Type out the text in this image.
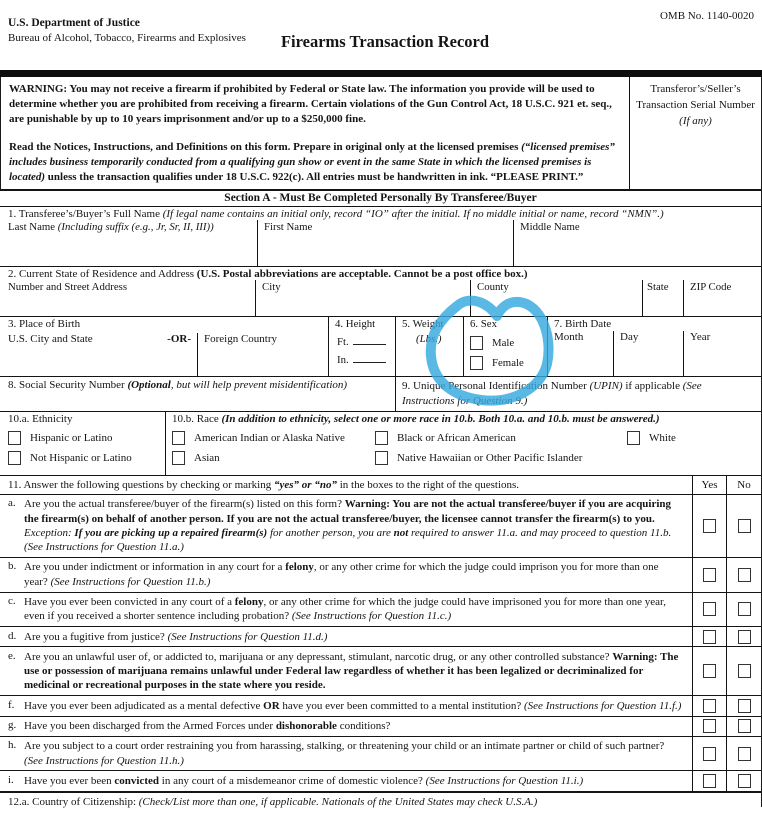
U.S. Department of Justice
Bureau of Alcohol, Tobacco, Firearms and Explosives
OMB No. 1140-0020
Firearms Transaction Record

WARNING: You may not receive a firearm if prohibited by Federal or State law. The information you provide will be used to determine whether you are prohibited from receiving a firearm. Certain violations of the Gun Control Act, 18 U.S.C. 921 et. seq., are punishable by up to 10 years imprisonment and/or up to a $250,000 fine.

Read the Notices, Instructions, and Definitions on this form. Prepare in original only at the licensed premises (“licensed premises” includes business temporarily conducted from a qualifying gun show or event in the same State in which the licensed premises is located) unless the transaction qualifies under 18 U.S.C. 922(c). All entries must be handwritten in ink. “PLEASE PRINT.”

Transferor’s/Seller’s Transaction Serial Number (If any)
Section A - Must Be Completed Personally By Transferee/Buyer
1. Transferee’s/Buyer’s Full Name (If legal name contains an initial only, record “IO” after the initial. If no middle initial or name, record “NMN”.)
Last Name (Including suffix (e.g., Jr, Sr, II, III))	First Name	Middle Name
2. Current State of Residence and Address (U.S. Postal abbreviations are acceptable. Cannot be a post office box.)
Number and Street Address	City	County	State	ZIP Code
3. Place of Birth
U.S. City and State	-OR-	Foreign Country
4. Height
Ft.
In.
5. Weight
(Lbs.)
6. Sex
Male
Female
7. Birth Date
Month	Day	Year
8. Social Security Number (Optional, but will help prevent misidentification)	9. Unique Personal Identification Number (UPIN) if applicable (See Instructions for Question 9.)
10.a. Ethnicity
Hispanic or Latino
Not Hispanic or Latino
10.b. Race (In addition to ethnicity, select one or more race in 10.b. Both 10.a. and 10.b. must be answered.)
American Indian or Alaska Native	Black or African American	White
Asian	Native Hawaiian or Other Pacific Islander
11. Answer the following questions by checking or marking “yes” or “no” in the boxes to the right of the questions.	Yes	No
a. Are you the actual transferee/buyer of the firearm(s) listed on this form? Warning: You are not the actual transferee/buyer if you are acquiring the firearm(s) on behalf of another person. If you are not the actual transferee/buyer, the licensee cannot transfer the firearm(s) to you. Exception: If you are picking up a repaired firearm(s) for another person, you are not required to answer 11.a. and may proceed to question 11.b. (See Instructions for Question 11.a.)
b. Are you under indictment or information in any court for a felony, or any other crime for which the judge could imprison you for more than one year? (See Instructions for Question 11.b.)
c. Have you ever been convicted in any court of a felony, or any other crime for which the judge could have imprisoned you for more than one year, even if you received a shorter sentence including probation? (See Instructions for Question 11.c.)
d. Are you a fugitive from justice? (See Instructions for Question 11.d.)
e. Are you an unlawful user of, or addicted to, marijuana or any depressant, stimulant, narcotic drug, or any other controlled substance? Warning: The use or possession of marijuana remains unlawful under Federal law regardless of whether it has been legalized or decriminalized for medicinal or recreational purposes in the state where you reside.
f. Have you ever been adjudicated as a mental defective OR have you ever been committed to a mental institution? (See Instructions for Question 11.f.)
g. Have you been discharged from the Armed Forces under dishonorable conditions?
h. Are you subject to a court order restraining you from harassing, stalking, or threatening your child or an intimate partner or child of such partner? (See Instructions for Question 11.h.)
i. Have you ever been convicted in any court of a misdemeanor crime of domestic violence? (See Instructions for Question 11.i.)
12.a. Country of Citizenship: (Check/List more than one, if applicable. Nationals of the United States may check U.S.A.)
